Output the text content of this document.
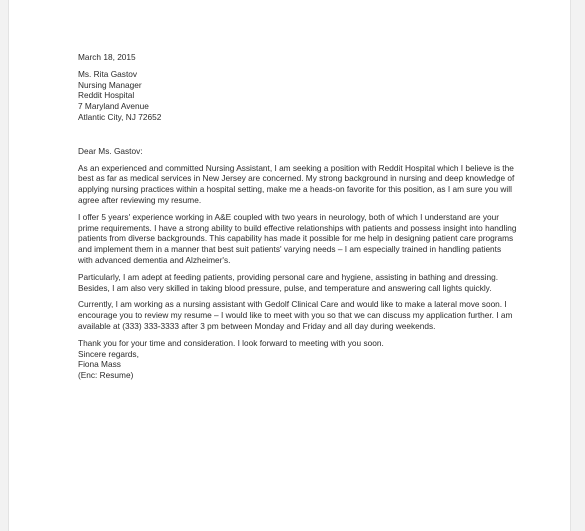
March 18, 2015
Ms. Rita Gastov
Nursing Manager
Reddit Hospital
7 Maryland Avenue
Atlantic City, NJ 72652
Dear Ms. Gastov:

As an experienced and committed Nursing Assistant, I am seeking a position with Reddit Hospital which I believe is the best as far as medical services in New Jersey are concerned. My strong background in nursing and deep knowledge of applying nursing practices within a hospital setting, make me a heads-on favorite for this position, as I am sure you will agree after reviewing my resume.

I offer 5 years' experience working in A&E coupled with two years in neurology, both of which I understand are your prime requirements. I have a strong ability to build effective relationships with patients and possess insight into handling patients from diverse backgrounds. This capability has made it possible for me help in designing patient care programs and implement them in a manner that best suit patients' varying needs – I am especially trained in handling patients with advanced dementia and Alzheimer's.

Particularly, I am adept at feeding patients, providing personal care and hygiene, assisting in bathing and dressing. Besides, I am also very skilled in taking blood pressure, pulse, and temperature and answering call lights quickly.

Currently, I am working as a nursing assistant with Gedolf Clinical Care and would like to make a lateral move soon. I encourage you to review my resume – I would like to meet with you so that we can discuss my application further. I am available at (333) 333-3333 after 3 pm between Monday and Friday and all day during weekends.

Thank you for your time and consideration. I look forward to meeting with you soon.

Sincere regards,
Fiona Mass
(Enc: Resume)
